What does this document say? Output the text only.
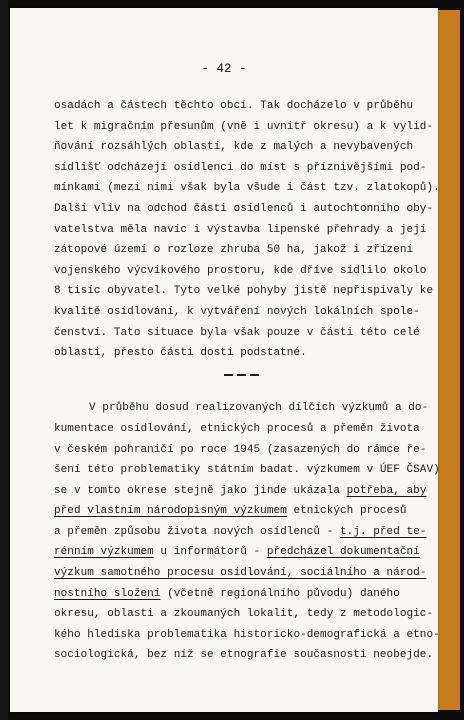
- 42 -

osadách a částech těchto obcí. Tak docházelo v průběhu
let k migračním přesunům (vně i uvnitř okresu) a k vylid-
ňování rozsáhlých oblastí, kde z malých a nevybavených
sídlišť odcházejí osídlenci do míst s příznivějšími pod-
mínkami (mezi nimi však byla všude i část tzv. zlatokopů).
Další vliv na odchod části osídlenců i autochtonního oby-
vatelstva měla navíc i výstavba lipenské přehrady a její
zátopové území o rozloze zhruba 50 ha, jakož i zřízení
vojenského výcvikového prostoru, kde dříve sídlilo okolo
8 tisíc obyvatel. Tyto velké pohyby jistě nepřispívaly ke
kvalitě osídlování, k vytváření nových lokálních spole-
čenství. Tato situace byla však pouze v části této celé
oblasti, přesto části dosti podstatné.
V průběhu dosud realizovaných dílčích výzkumů a do-
kumentace osídlování, etnických procesů a přeměn života
v českém pohraničí po roce 1945 (zasazených do rámce ře-
šení této problematiky státním badat. výzkumem v ÚEF ČSAV)
se v tomto okrese stejně jako jinde ukázala potřeba, aby
před vlastním národopisným výzkumem etnických procesů
a přeměn způsobu života nových osídlenců - t.j. před te-
rénním výzkumem u informátorů - předcházel dokumentační
výzkum samotného procesu osídlování, sociálního a národ-
nostního složení (včetně regionálního původu) daného
okresu, oblasti a zkoumaných lokalit, tedy z metodologic-
kého hlediska problematika historicko-demografická a etno-
sociologická, bez níž se etnografie současnosti neobejde.
